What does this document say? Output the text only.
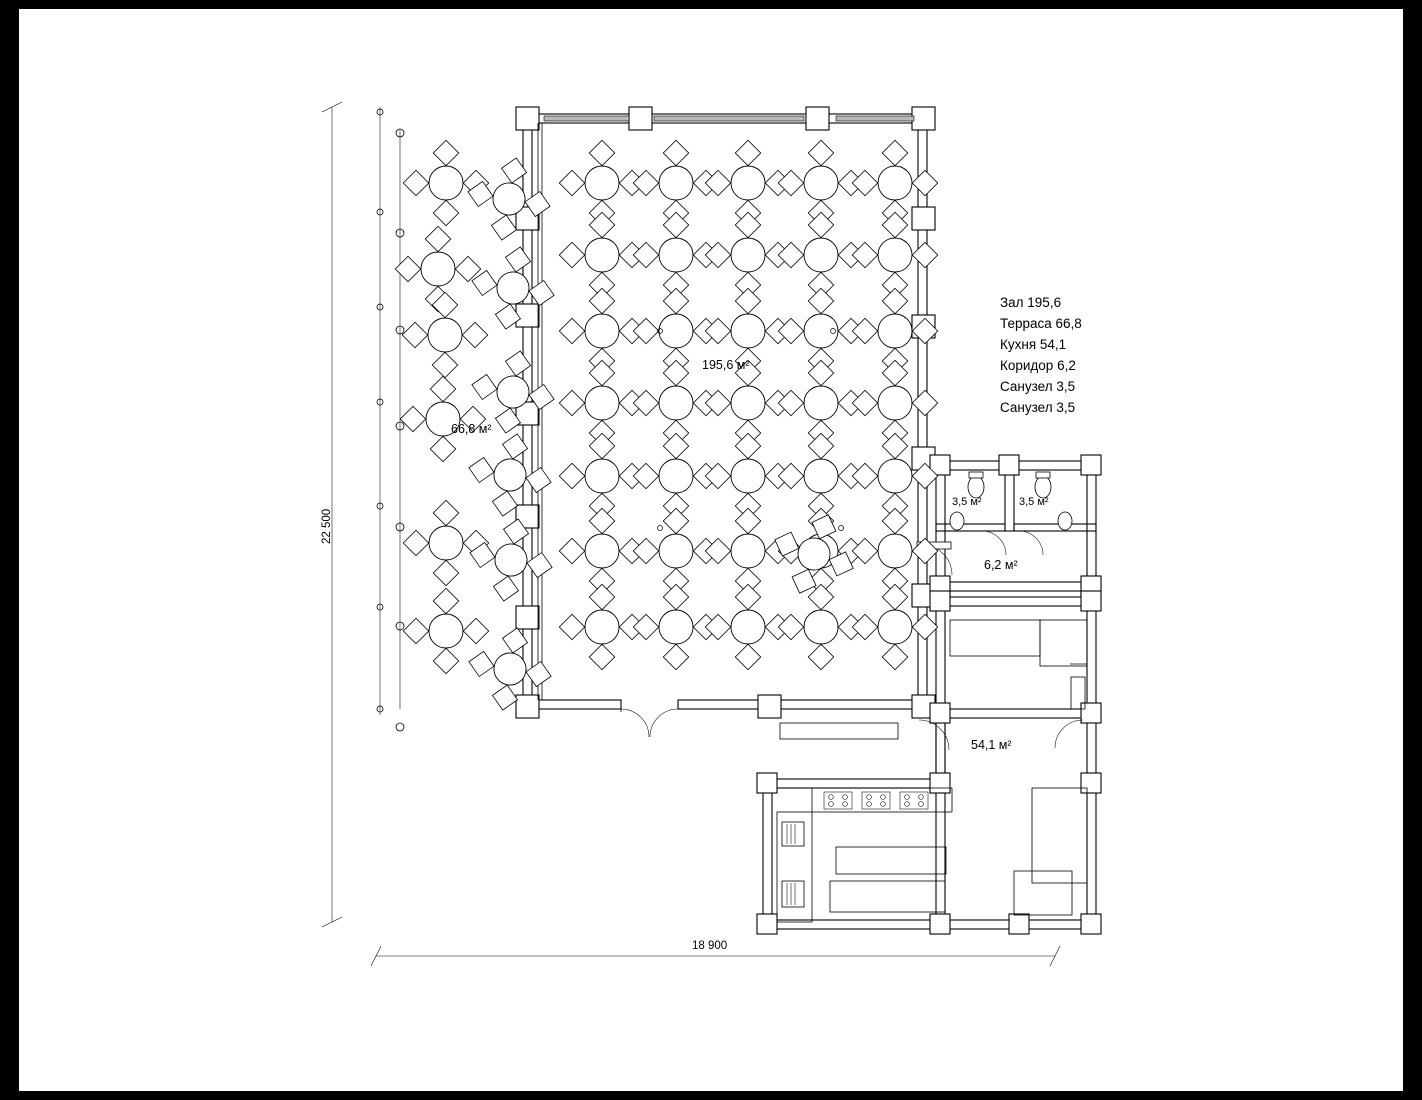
Зал 195,6
Терраса 66,8
Кухня 54,1
Коридор 6,2
Санузел 3,5
Санузел 3,5
195,6 м²
66,8 м²
3,5 м²	3,5 м²
6,2 м²
54,1 м²
22 500
18 900
